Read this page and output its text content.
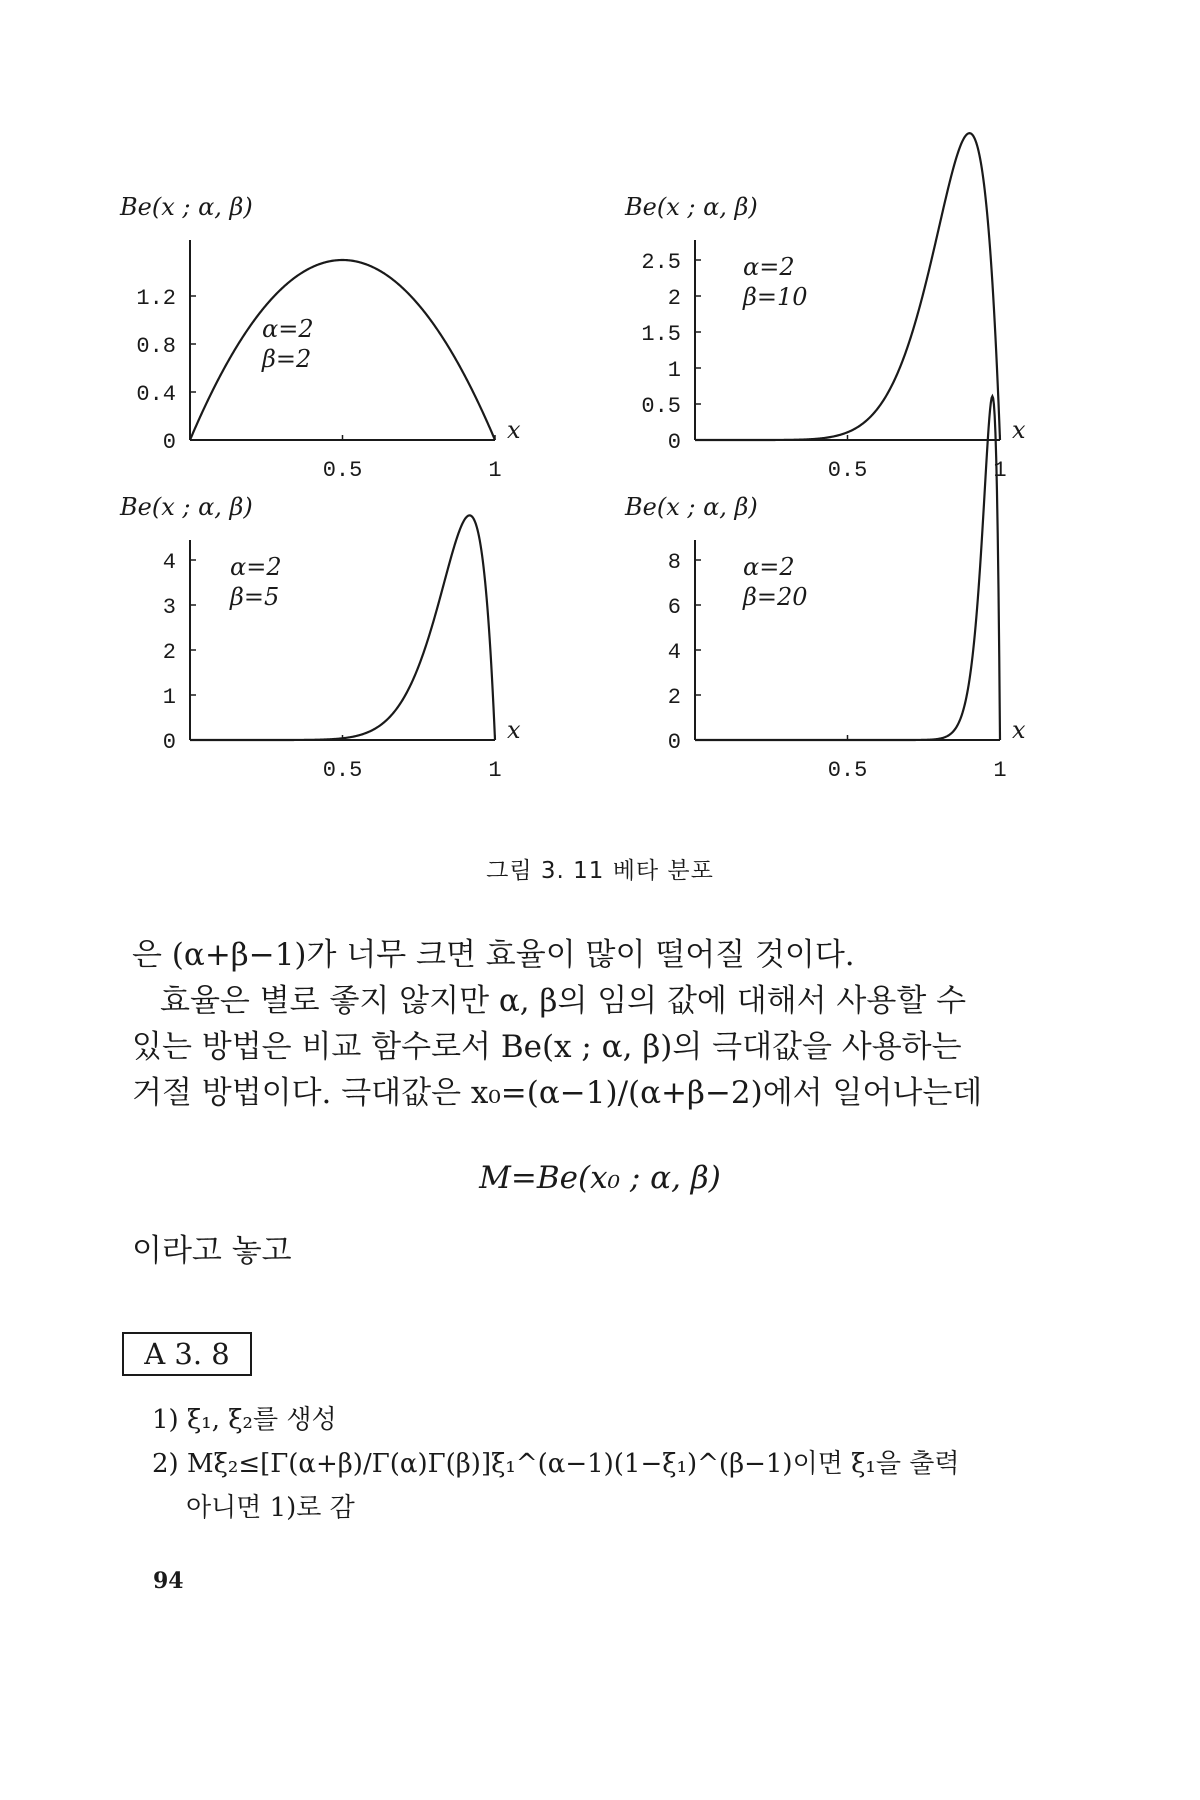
Be(x ; α, β)
0
0.4
0.8
1.2
0.5	1
x
α=2
β=2
Be(x ; α, β)
0
0.5
1
1.5
2
2.5
0.5	1
x
α=2
β=10
Be(x ; α, β)
0
1
2
3
4
0.5	1
x
α=2
β=5
Be(x ; α, β)
0
2
4
6
8
0.5	1
x
α=2
β=20
그림 3. 11 베타 분포
은 (α+β−1)가 너무 크면 효율이 많이 떨어질 것이다.
효율은 별로 좋지 않지만 α, β의 임의 값에 대해서 사용할 수
있는 방법은 비교 함수로서 Be(x ; α, β)의 극대값을 사용하는
거절 방법이다. 극대값은 x₀=(α−1)/(α+β−2)에서 일어나는데
M=Be(x₀ ; α, β)
이라고 놓고
A 3. 8
1) ξ₁, ξ₂를 생성
2) Mξ₂≤[Γ(α+β)/Γ(α)Γ(β)]ξ₁^(α−1)(1−ξ₁)^(β−1)이면 ξ₁을 출력
아니면 1)로 감
94
